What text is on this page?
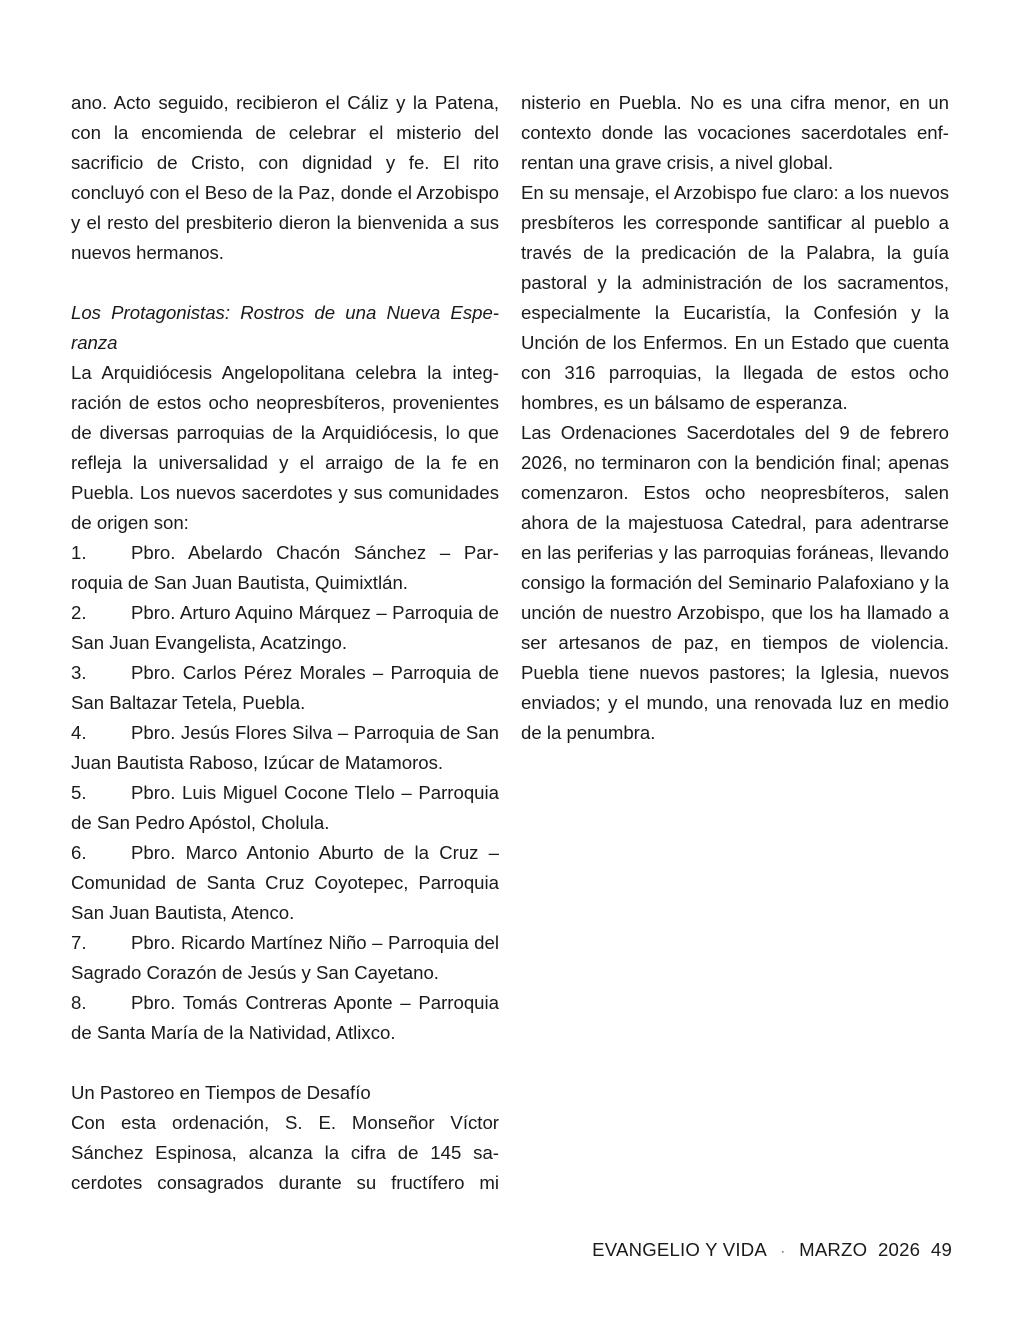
ano. Acto seguido, recibieron el Cáliz y la Patena, con la encomienda de celebrar el misterio del sacrificio de Cristo, con dignidad y fe. El rito concluyó con el Beso de la Paz, donde el Arzobispo y el resto del presbiterio dieron la bienvenida a sus nuevos hermanos.

Los Protagonistas: Rostros de una Nueva Esperanza

La Arquidiócesis Angelopolitana celebra la integración de estos ocho neopresbíteros, provenientes de diversas parroquias de la Arquidiócesis, lo que refleja la universalidad y el arraigo de la fe en Puebla. Los nuevos sacerdotes y sus comunidades de origen son:

1. Pbro. Abelardo Chacón Sánchez – Parroquia de San Juan Bautista, Quimixtlán.

2. Pbro. Arturo Aquino Márquez – Parroquia de San Juan Evangelista, Acatzingo.

3. Pbro. Carlos Pérez Morales – Parroquia de San Baltazar Tetela, Puebla.

4. Pbro. Jesús Flores Silva – Parroquia de San Juan Bautista Raboso, Izúcar de Matamoros.

5. Pbro. Luis Miguel Cocone Tlelo – Parroquia de San Pedro Apóstol, Cholula.

6. Pbro. Marco Antonio Aburto de la Cruz – Comunidad de Santa Cruz Coyotepec, Parroquia San Juan Bautista, Atenco.

7. Pbro. Ricardo Martínez Niño – Parroquia del Sagrado Corazón de Jesús y San Cayetano.

8. Pbro. Tomás Contreras Aponte – Parroquia de Santa María de la Natividad, Atlixco.

Un Pastoreo en Tiempos de Desafío

Con esta ordenación, S. E. Monseñor Víctor Sánchez Espinosa, alcanza la cifra de 145 sacerdotes consagrados durante su fructífero mi

nisterio en Puebla. No es una cifra menor, en un contexto donde las vocaciones sacerdotales enfrentan una grave crisis, a nivel global.

En su mensaje, el Arzobispo fue claro: a los nuevos presbíteros les corresponde santificar al pueblo a través de la predicación de la Palabra, la guía pastoral y la administración de los sacramentos, especialmente la Eucaristía, la Confesión y la Unción de los Enfermos. En un Estado que cuenta con 316 parroquias, la llegada de estos ocho hombres, es un bálsamo de esperanza.

Las Ordenaciones Sacerdotales del 9 de febrero 2026, no terminaron con la bendición final; apenas comenzaron. Estos ocho neopresbíteros, salen ahora de la majestuosa Catedral, para adentrarse en las periferias y las parroquias foráneas, llevando consigo la formación del Seminario Palafoxiano y la unción de nuestro Arzobispo, que los ha llamado a ser artesanos de paz, en tiempos de violencia. Puebla tiene nuevos pastores; la Iglesia, nuevos enviados; y el mundo, una renovada luz en medio de la penumbra.

EVANGELIO Y VIDA · MARZO  2026 49
